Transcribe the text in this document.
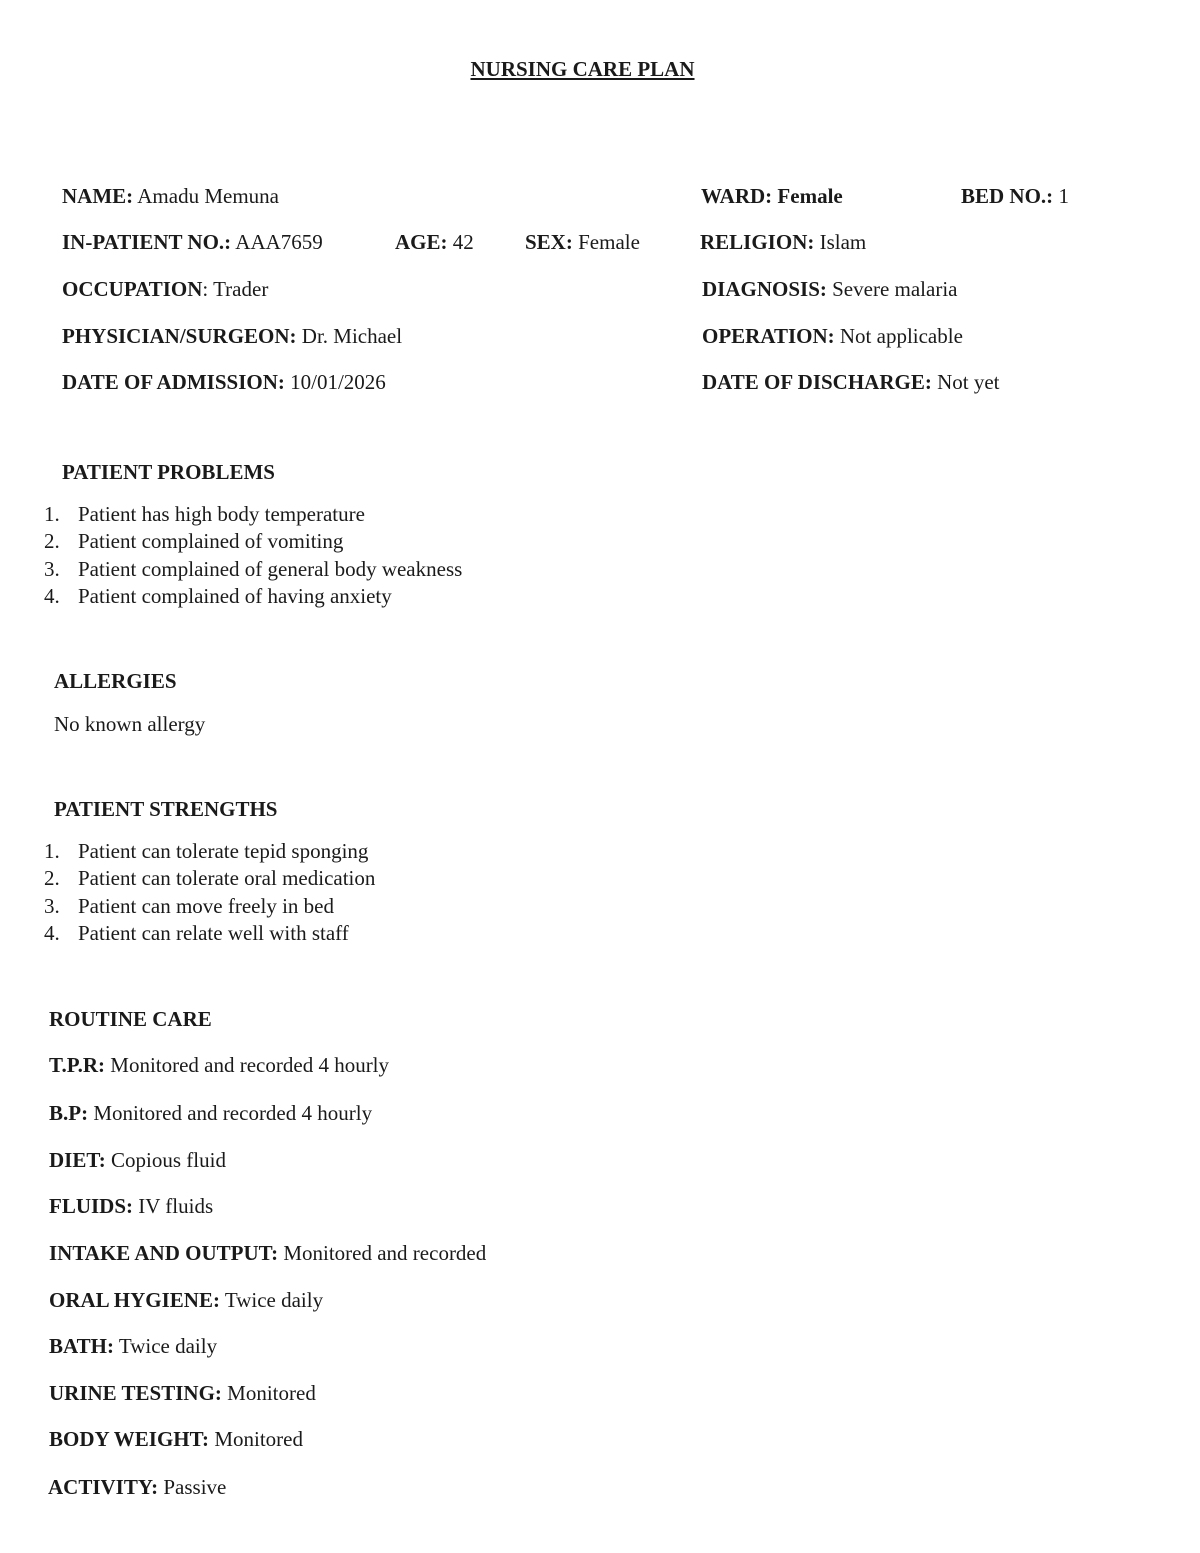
NURSING CARE PLAN
NAME: Amadu Memuna	WARD: Female	BED NO.: 1
IN-PATIENT NO.: AAA7659	AGE: 42 SEX: Female	RELIGION: Islam
OCCUPATION: Trader	DIAGNOSIS: Severe malaria
PHYSICIAN/SURGEON: Dr. Michael	OPERATION: Not applicable
DATE OF ADMISSION: 10/01/2026	DATE OF DISCHARGE: Not yet
PATIENT PROBLEMS
1. Patient has high body temperature
2. Patient complained of vomiting
3. Patient complained of general body weakness
4. Patient complained of having anxiety
ALLERGIES
No known allergy
PATIENT STRENGTHS
1. Patient can tolerate tepid sponging
2. Patient can tolerate oral medication
3. Patient can move freely in bed
4. Patient can relate well with staff
ROUTINE CARE
T.P.R: Monitored and recorded 4 hourly
B.P: Monitored and recorded 4 hourly
DIET: Copious fluid
FLUIDS: IV fluids
INTAKE AND OUTPUT: Monitored and recorded
ORAL HYGIENE: Twice daily
BATH: Twice daily
URINE TESTING: Monitored
BODY WEIGHT: Monitored
ACTIVITY: Passive
